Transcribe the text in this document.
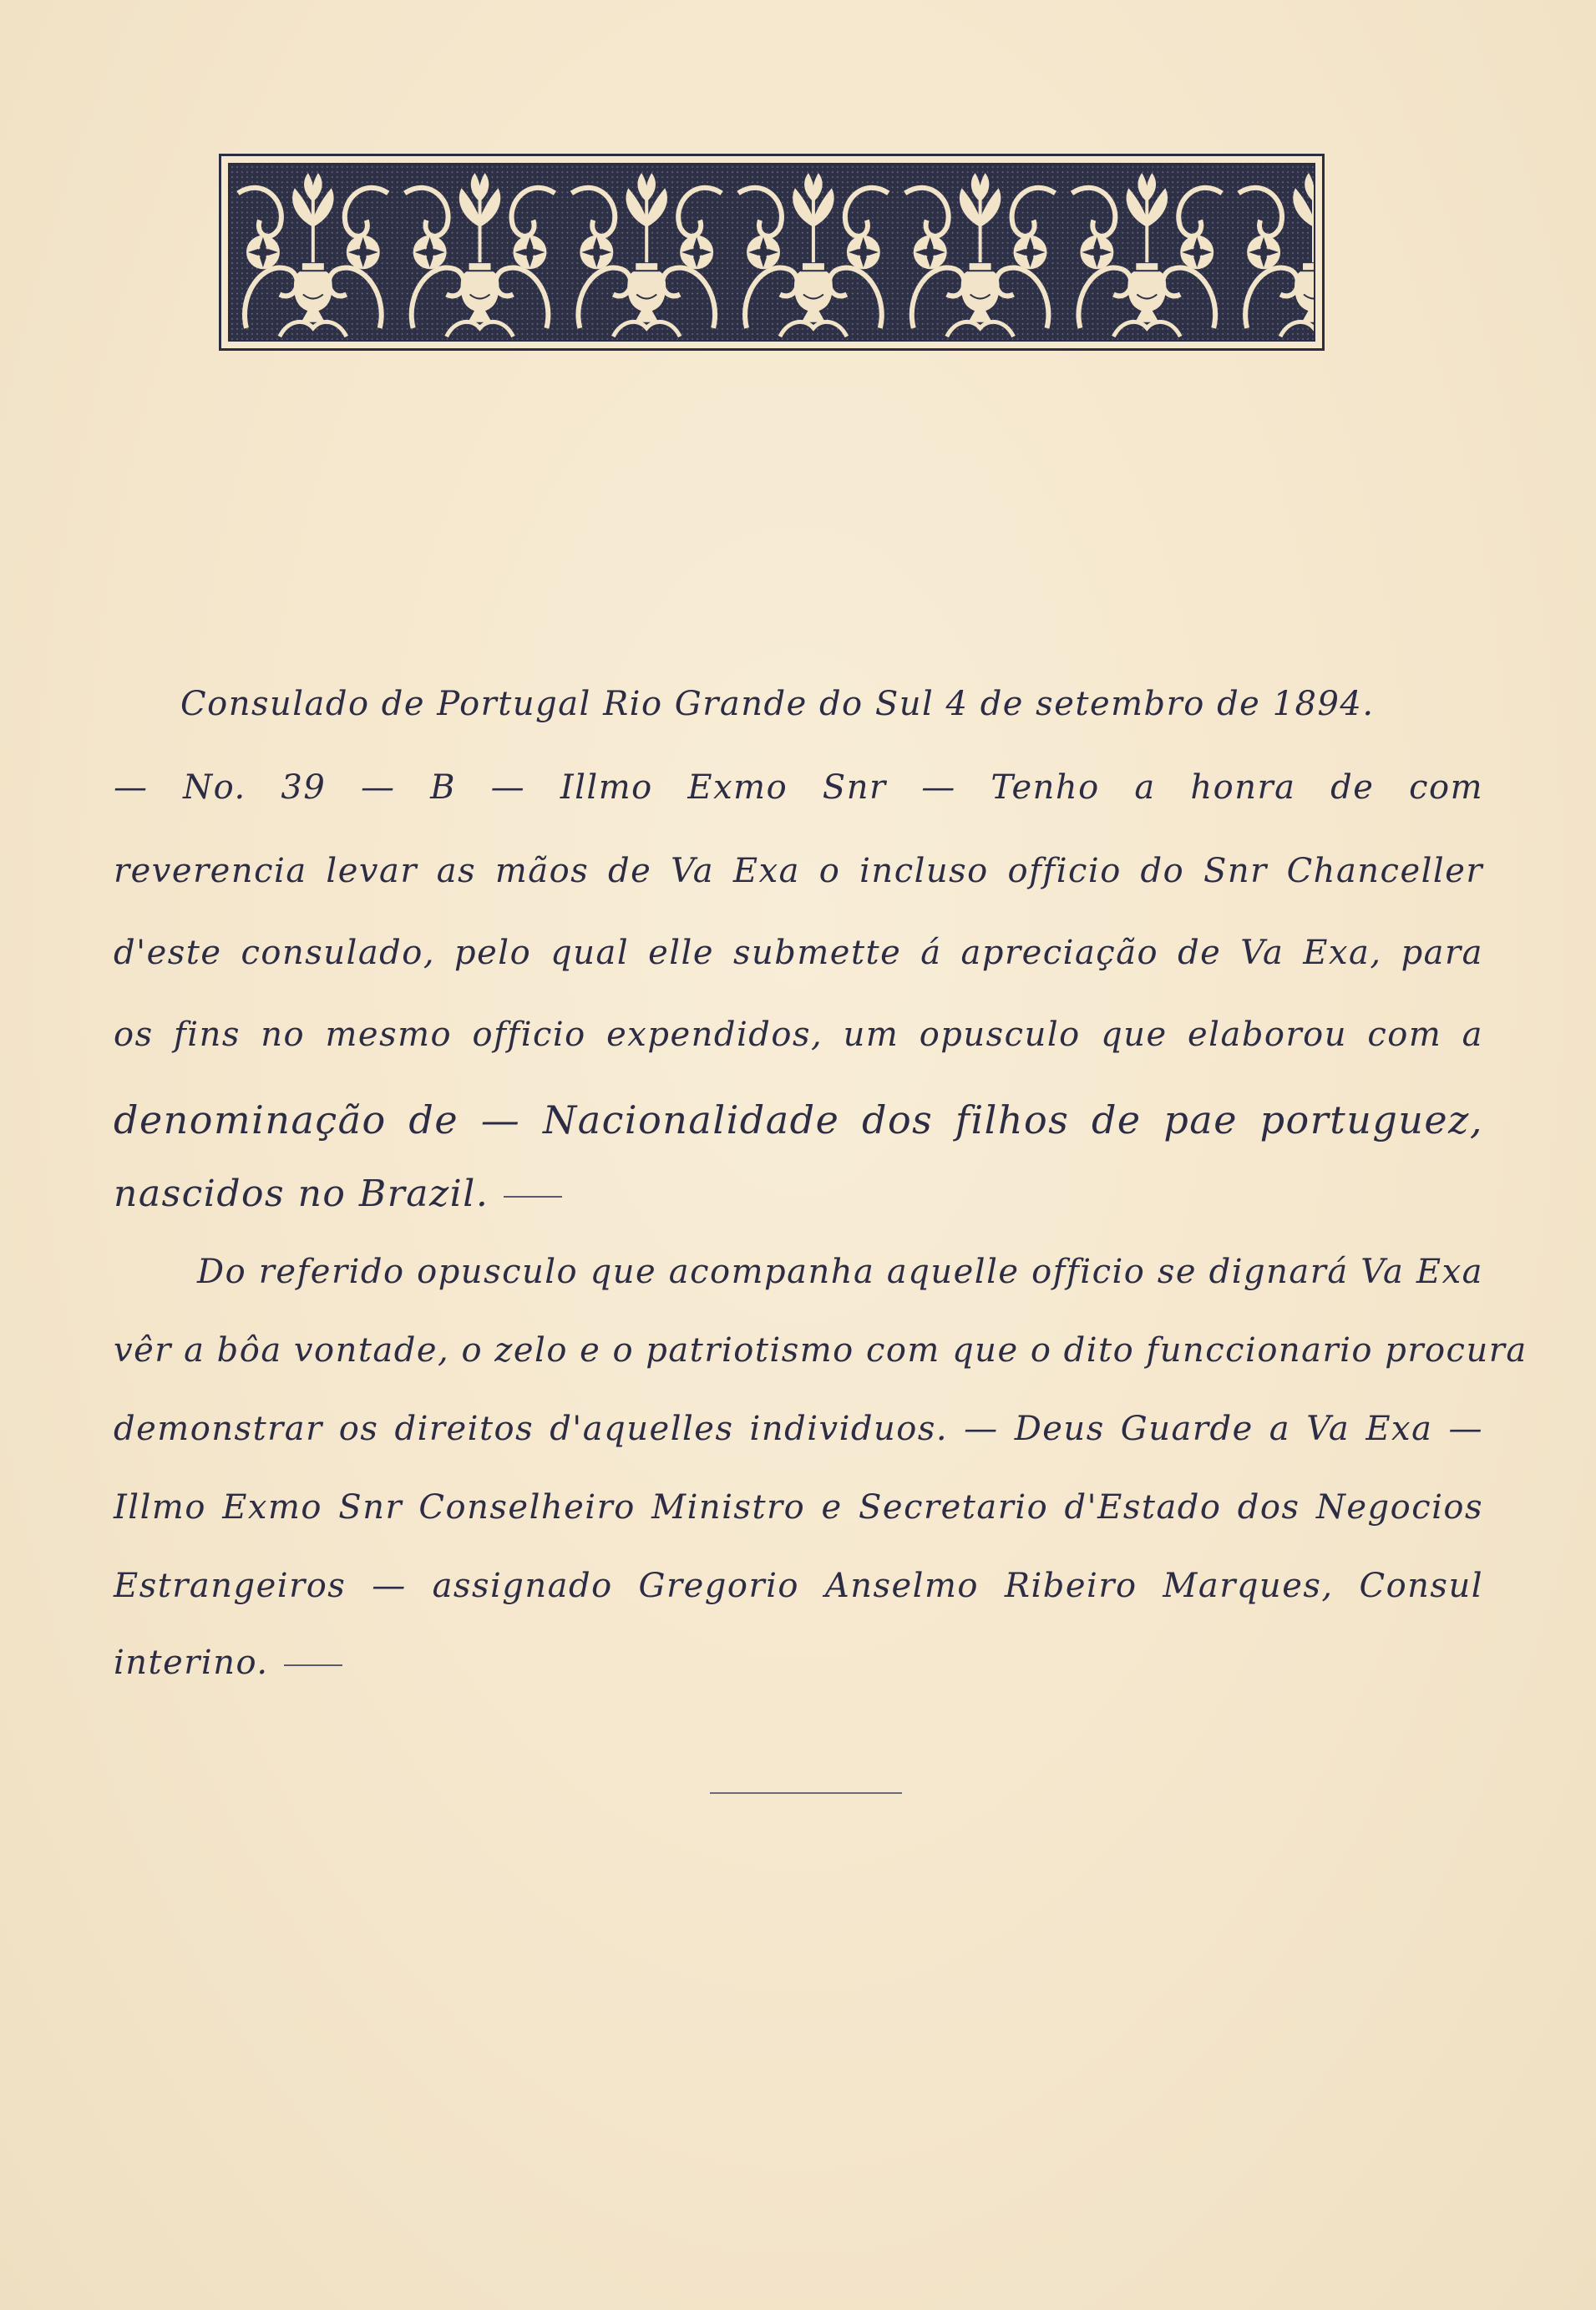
Consulado de Portugal Rio Grande do Sul 4 de setembro de 1894.
— No. 39 — B — Illmo Exmo Snr — Tenho a honra de com
reverencia levar as mãos de Va Exa o incluso officio do Snr Chanceller
d'este consulado, pelo qual elle submette á apreciação de Va Exa, para
os fins no mesmo officio expendidos, um opusculo que elaborou com a
denominação de — Nacionalidade dos filhos de pae portuguez,
nascidos no Brazil.
Do referido opusculo que acompanha aquelle officio se dignará Va Exa
vêr a bôa vontade, o zelo e o patriotismo com que o dito funccionario procura
demonstrar os direitos d'aquelles individuos. — Deus Guarde a Va Exa —
Illmo Exmo Snr Conselheiro Ministro e Secretario d'Estado dos Negocios
Estrangeiros — assignado Gregorio Anselmo Ribeiro Marques, Consul
interino.
